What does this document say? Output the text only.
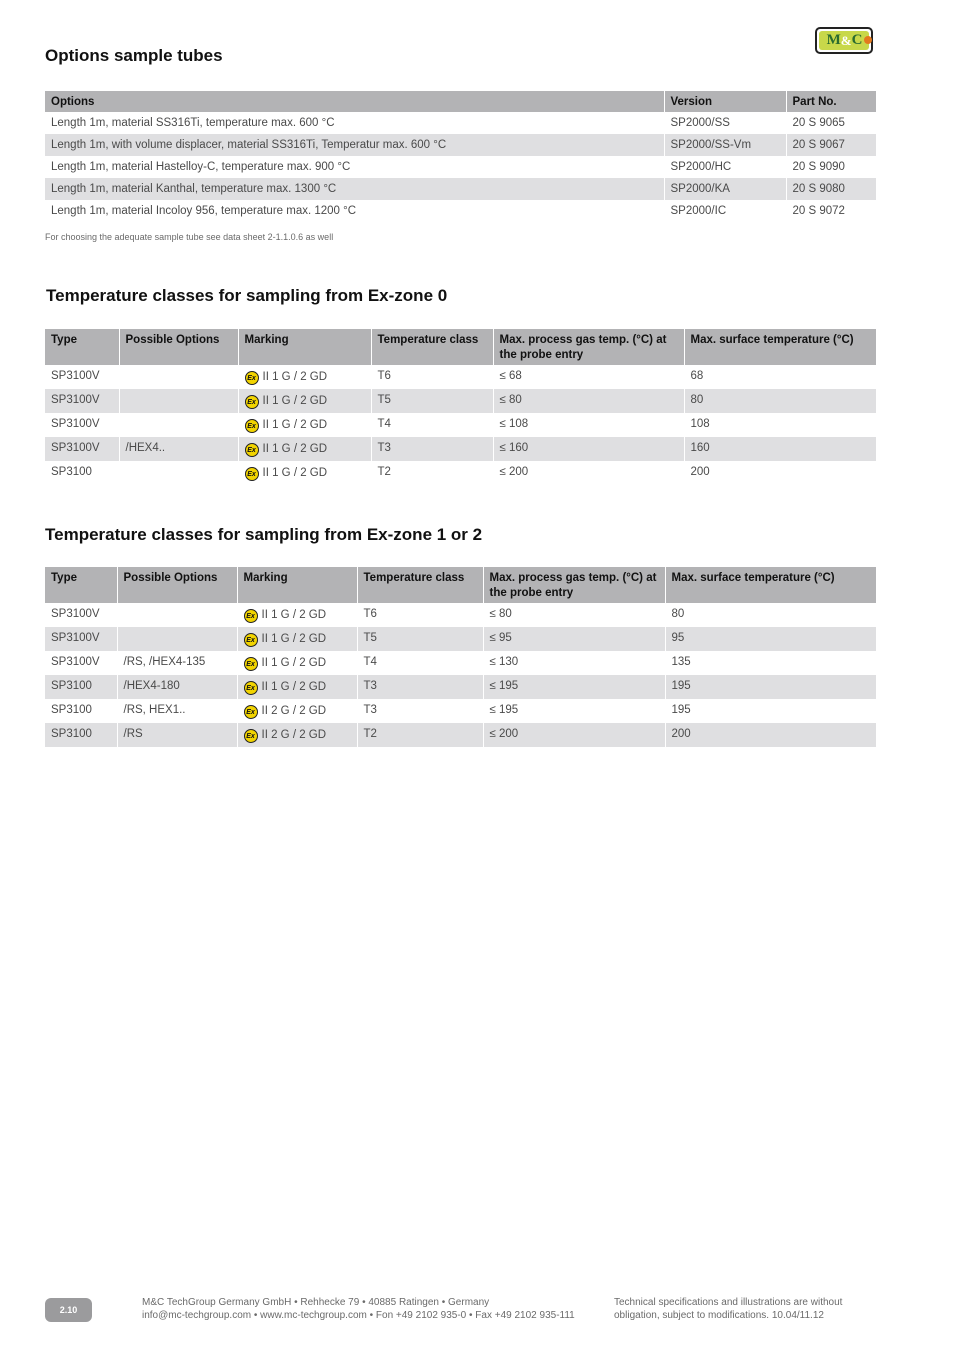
M & C
Options sample tubes
Options	Version	Part No.
Length 1m, material SS316Ti, temperature max. 600 °C	SP2000/SS	20 S 9065
Length 1m, with volume displacer, material SS316Ti, Temperatur max. 600 °C	SP2000/SS-Vm	20 S 9067
Length 1m, material Hastelloy-C, temperature max. 900 °C	SP2000/HC	20 S 9090
Length 1m, material Kanthal, temperature max. 1300 °C	SP2000/KA	20 S 9080
Length 1m, material Incoloy 956, temperature max. 1200 °C	SP2000/IC	20 S 9072
For choosing the adequate sample tube see data sheet 2-1.1.0.6 as well
Temperature classes for sampling from Ex-zone 0
Type	Possible Options	Marking	Temperature class	Max. process gas temp. (°C) at the probe entry	Max. surface temperature (°C)
SP3100V		Ex II 1 G / 2 GD	T6	≤ 68	68
SP3100V		Ex II 1 G / 2 GD	T5	≤ 80	80
SP3100V		Ex II 1 G / 2 GD	T4	≤ 108	108
SP3100V	/HEX4..	Ex II 1 G / 2 GD	T3	≤ 160	160
SP3100		Ex II 1 G / 2 GD	T2	≤ 200	200
Temperature classes for sampling from Ex-zone 1 or 2
Type	Possible Options	Marking	Temperature class	Max. process gas temp. (°C) at the probe entry	Max. surface temperature (°C)
SP3100V		Ex II 1 G / 2 GD	T6	≤ 80	80
SP3100V		Ex II 1 G / 2 GD	T5	≤ 95	95
SP3100V	/RS, /HEX4-135	Ex II 1 G / 2 GD	T4	≤ 130	135
SP3100	/HEX4-180	Ex II 1 G / 2 GD	T3	≤ 195	195
SP3100	/RS, HEX1..	Ex II 2 G / 2 GD	T3	≤ 195	195
SP3100	/RS	Ex II 2 G / 2 GD	T2	≤ 200	200
2.10
M&C TechGroup Germany GmbH • Rehhecke 79 • 40885 Ratingen • Germany
info@mc-techgroup.com • www.mc-techgroup.com • Fon +49 2102 935-0 • Fax +49 2102 935-111
Technical specifications and illustrations are without
obligation, subject to modifications. 10.04/11.12
